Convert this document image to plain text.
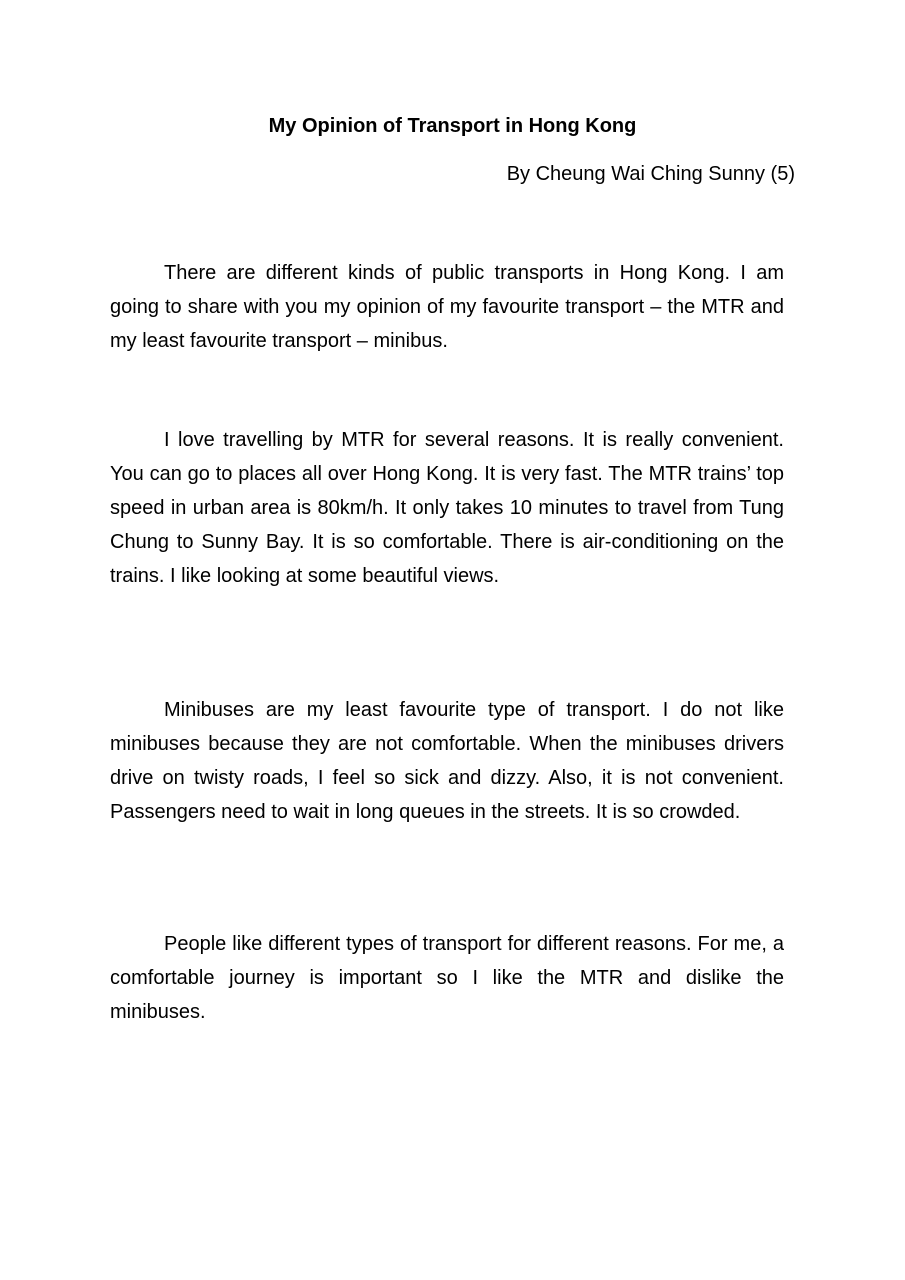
My Opinion of Transport in Hong Kong
By Cheung Wai Ching Sunny (5)

There are different kinds of public transports in Hong Kong. I am going to share with you my opinion of my favourite transport – the MTR and my least favourite transport – minibus.

I love travelling by MTR for several reasons. It is really convenient. You can go to places all over Hong Kong. It is very fast. The MTR trains’ top speed in urban area is 80km/h. It only takes 10 minutes to travel from Tung Chung to Sunny Bay. It is so comfortable. There is air-conditioning on the trains. I like looking at some beautiful views.

Minibuses are my least favourite type of transport. I do not like minibuses because they are not comfortable. When the minibuses drivers drive on twisty roads, I feel so sick and dizzy. Also, it is not convenient. Passengers need to wait in long queues in the streets. It is so crowded.

People like different types of transport for different reasons. For me, a comfortable journey is important so I like the MTR and dislike the minibuses.
